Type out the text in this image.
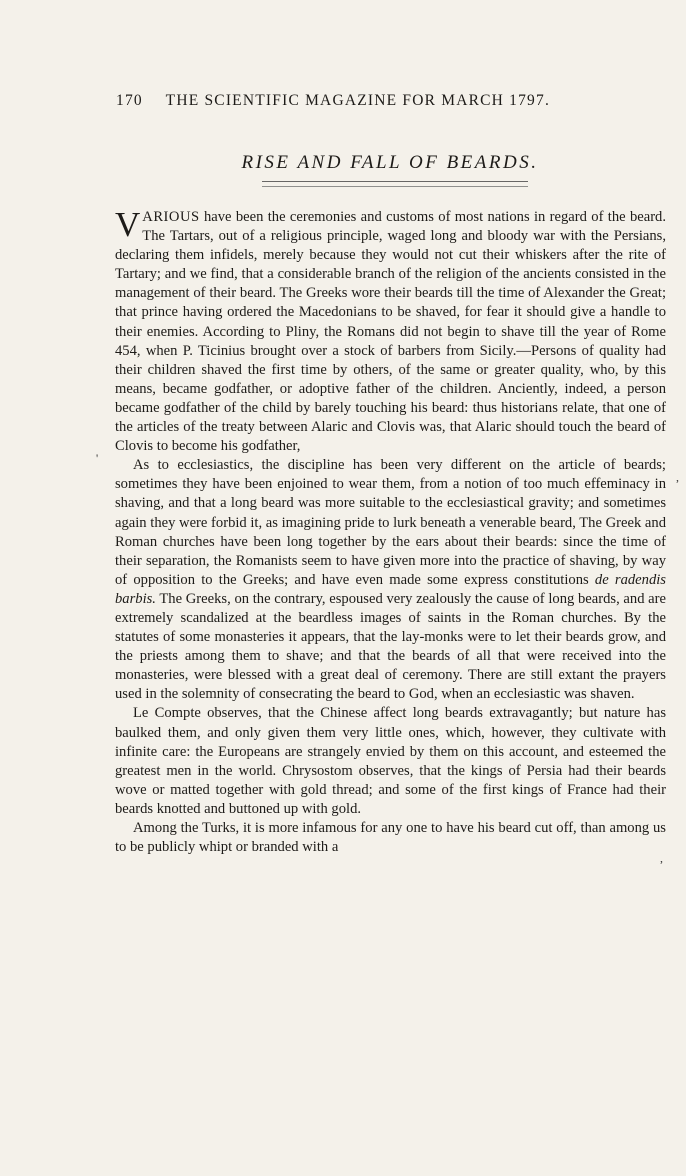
170 THE SCIENTIFIC MAGAZINE FOR MARCH 1797.
RISE AND FALL OF BEARDS.

VARIOUS have been the ceremonies and customs of most nations in regard of the beard. The Tartars, out of a religious principle, waged long and bloody war with the Persians, declaring them infidels, merely because they would not cut their whiskers after the rite of Tartary; and we find, that a considerable branch of the religion of the ancients consisted in the management of their beard. The Greeks wore their beards till the time of Alexander the Great; that prince having ordered the Macedonians to be shaved, for fear it should give a handle to their enemies. According to Pliny, the Romans did not begin to shave till the year of Rome 454, when P. Ticinius brought over a stock of barbers from Sicily.—Persons of quality had their children shaved the first time by others, of the same or greater quality, who, by this means, became godfather, or adoptive father of the children. Anciently, indeed, a person became godfather of the child by barely touching his beard: thus historians relate, that one of the articles of the treaty between Alaric and Clovis was, that Alaric should touch the beard of Clovis to become his godfather,

As to ecclesiastics, the discipline has been very different on the article of beards; sometimes they have been enjoined to wear them, from a notion of too much effeminacy in shaving, and that a long beard was more suitable to the ecclesiastical gravity; and sometimes again they were forbid it, as imagining pride to lurk beneath a venerable beard, The Greek and Roman churches have been long together by the ears about their beards: since the time of their separation, the Romanists seem to have given more into the practice of shaving, by way of opposition to the Greeks; and have even made some express constitutions de radendis barbis. The Greeks, on the contrary, espoused very zealously the cause of long beards, and are extremely scandalized at the beardless images of saints in the Roman churches. By the statutes of some monasteries it appears, that the lay-monks were to let their beards grow, and the priests among them to shave; and that the beards of all that were received into the monasteries, were blessed with a great deal of ceremony. There are still extant the prayers used in the solemnity of consecrating the beard to God, when an ecclesiastic was shaven.

Le Compte observes, that the Chinese affect long beards extravagantly; but nature has baulked them, and only given them very little ones, which, however, they cultivate with infinite care: the Europeans are strangely envied by them on this account, and esteemed the greatest men in the world. Chrysostom observes, that the kings of Persia had their beards wove or matted together with gold thread; and some of the first kings of France had their beards knotted and buttoned up with gold.

Among the Turks, it is more infamous for any one to have his beard cut off, than among us to be publicly whipt or branded with a

'
,
,
